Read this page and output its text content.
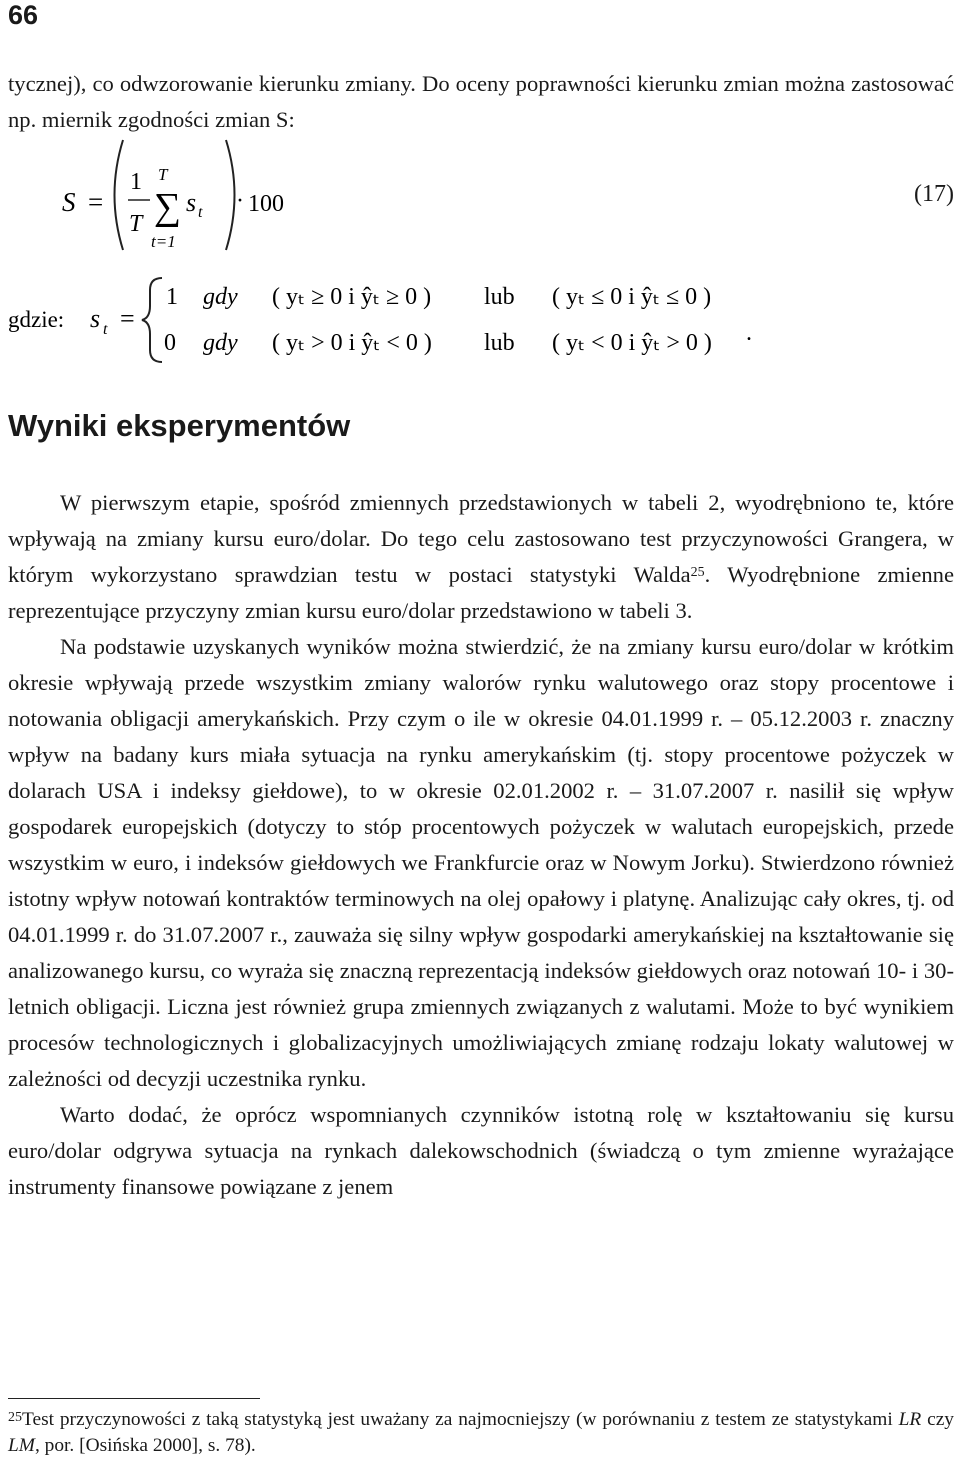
66

tycznej), co odwzorowanie kierunku zmiany. Do oceny poprawności kierunku zmian można zastosować np. miernik zgodności zmian S:

S =
1
T
T
∑
t=1
s t · 100
gdzie: s t =
1 gdy ( yₜ ≥ 0 i ŷₜ ≥ 0 ) lub ( yₜ ≤ 0 i ŷₜ ≤ 0 )
0 gdy ( yₜ > 0 i ŷₜ < 0 ) lub ( yₜ < 0 i ŷₜ > 0 ) .
(17)
Wyniki eksperymentów

W pierwszym etapie, spośród zmiennych przedstawionych w tabeli 2, wyodrębniono te, które wpływają na zmiany kursu euro/dolar. Do tego celu zastosowano test przyczynowości Grangera, w którym wykorzystano sprawdzian testu w postaci statystyki Walda$^{25}$. Wyodrębnione zmienne reprezentujące przyczyny zmian kursu euro/dolar przedstawiono w tabeli 3.

Na podstawie uzyskanych wyników można stwierdzić, że na zmiany kursu euro/dolar w krótkim okresie wpływają przede wszystkim zmiany walorów rynku walutowego oraz stopy procentowe i notowania obligacji amerykańskich. Przy czym o ile w okresie 04.01.1999 r. – 05.12.2003 r. znaczny wpływ na badany kurs miała sytuacja na rynku amerykańskim (tj. stopy procentowe pożyczek w dolarach USA i indeksy giełdowe), to w okresie 02.01.2002 r. – 31.07.2007 r. nasilił się wpływ gospodarek europejskich (dotyczy to stóp procentowych pożyczek w walutach europejskich, przede wszystkim w euro, i indeksów giełdowych we Frankfurcie oraz w Nowym Jorku). Stwierdzono również istotny wpływ notowań kontraktów terminowych na olej opałowy i platynę. Analizując cały okres, tj. od 04.01.1999 r. do 31.07.2007 r., zauważa się silny wpływ gospodarki amerykańskiej na kształtowanie się analizowanego kursu, co wyraża się znaczną reprezentacją indeksów giełdowych oraz notowań 10- i 30-letnich obligacji. Liczna jest również grupa zmiennych związanych z walutami. Może to być wynikiem procesów technologicznych i globalizacyjnych umożliwiających zmianę rodzaju lokaty walutowej w zależności od decyzji uczestnika rynku.

Warto dodać, że oprócz wspomnianych czynników istotną rolę w kształtowaniu się kursu euro/dolar odgrywa sytuacja na rynkach dalekowschodnich (świadczą o tym zmienne wyrażające instrumenty finansowe powiązane z jenem

$^{25}$Test przyczynowości z taką statystyką jest uważany za najmocniejszy (w porównaniu z testem ze statystykami LR czy LM, por. [Osińska 2000], s. 78).
